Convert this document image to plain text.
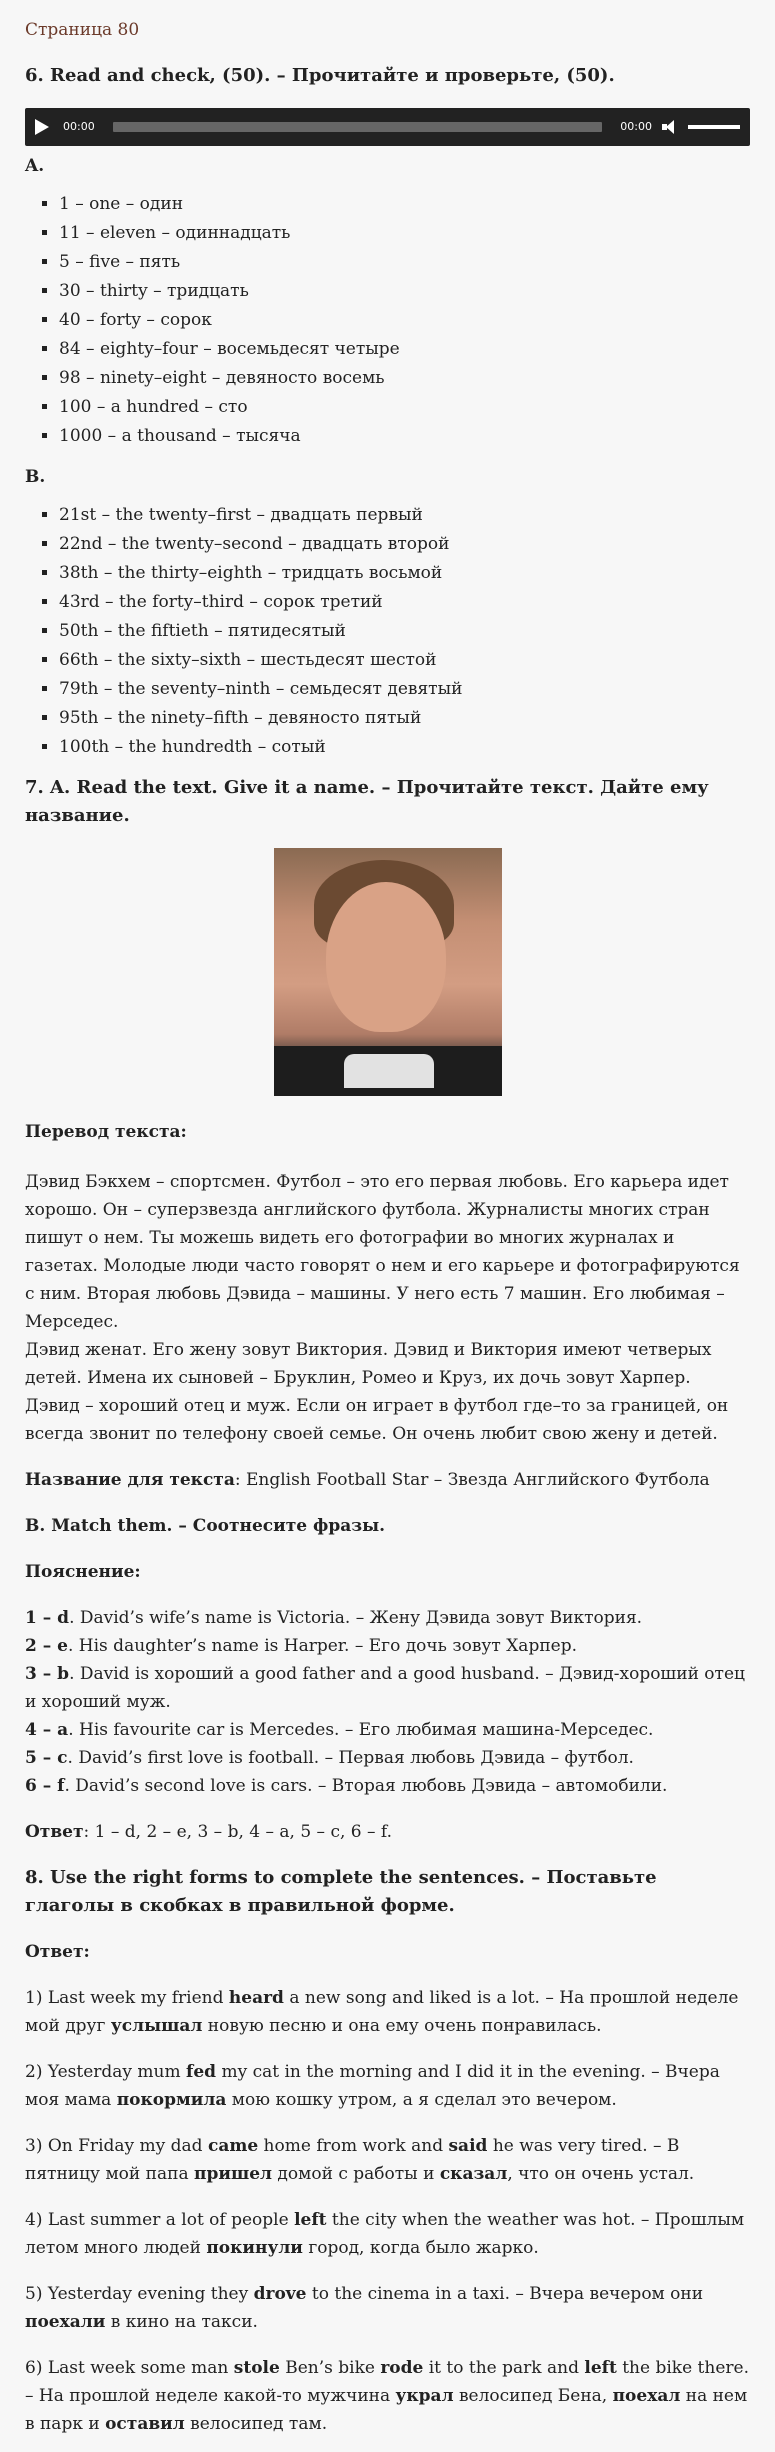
Страница 80
6. Read and check, (50). – Прочитайте и проверьте, (50).
00:00	00:00
A.
▪ 1 – one – один
▪ 11 – eleven – одиннадцать
▪ 5 – five – пять
▪ 30 – thirty – тридцать
▪ 40 – forty – сорок
▪ 84 – eighty–four – восемьдесят четыре
▪ 98 – ninety–eight – девяносто восемь
▪ 100 – a hundred – сто
▪ 1000 – a thousand – тысяча
B.
▪ 21st – the twenty–first – двадцать первый
▪ 22nd – the twenty–second – двадцать второй
▪ 38th – the thirty–eighth – тридцать восьмой
▪ 43rd – the forty–third – сорок третий
▪ 50th – the fiftieth – пятидесятый
▪ 66th – the sixty–sixth – шестьдесят шестой
▪ 79th – the seventy–ninth – семьдесят девятый
▪ 95th – the ninety–fifth – девяносто пятый
▪ 100th – the hundredth – сотый
7. A. Read the text. Give it a name. – Прочитайте текст. Дайте ему название.

Перевод текста:

Дэвид Бэкхем – спортсмен. Футбол – это его первая любовь. Его карьера идет хорошо. Он – суперзвезда английского футбола. Журналисты многих стран пишут о нем. Ты можешь видеть его фотографии во многих журналах и газетах. Молодые люди часто говорят о нем и его карьере и фотографируются с ним. Вторая любовь Дэвида – машины. У него есть 7 машин. Его любимая – Мерседес.

Дэвид женат. Его жену зовут Виктория. Дэвид и Виктория имеют четверых детей. Имена их сыновей – Бруклин, Ромео и Круз, их дочь зовут Харпер. Дэвид – хороший отец и муж. Если он играет в футбол где–то за границей, он всегда звонит по телефону своей семье. Он очень любит свою жену и детей.

Название для текста: English Football Star – Звезда Английского Футбола

B. Match them. – Соотнесите фразы.

Пояснение:

1 – d. David’s wife’s name is Victoria. – Жену Дэвида зовут Виктория.
2 – e. His daughter’s name is Harper. – Его дочь зовут Харпер.
3 – b. David is хороший a good father and a good husband. – Дэвид-хороший отец и хороший муж.
4 – a. His favourite car is Mercedes. – Его любимая машина-Мерседес.
5 – c. David’s first love is football. – Первая любовь Дэвида – футбол.
6 – f. David’s second love is cars. – Вторая любовь Дэвида – автомобили.

Ответ: 1 – d, 2 – e, 3 – b, 4 – a, 5 – c, 6 – f.

8. Use the right forms to complete the sentences. – Поставьте глаголы в скобках в правильной форме.

Ответ:

1) Last week my friend heard a new song and liked is a lot. – На прошлой неделе мой друг услышал новую песню и она ему очень понравилась.

2) Yesterday mum fed my cat in the morning and I did it in the evening. – Вчера моя мама покормила мою кошку утром, а я сделал это вечером.

3) On Friday my dad came home from work and said he was very tired. – В пятницу мой папа пришел домой с работы и сказал, что он очень устал.

4) Last summer a lot of people left the city when the weather was hot. – Прошлым летом много людей покинули город, когда было жарко.

5) Yesterday evening they drove to the cinema in a taxi. – Вчера вечером они поехали в кино на такси.

6) Last week some man stole Ben’s bike rode it to the park and left the bike there. – На прошлой неделе какой-то мужчина украл велосипед Бена, поехал на нем в парк и оставил велосипед там.
